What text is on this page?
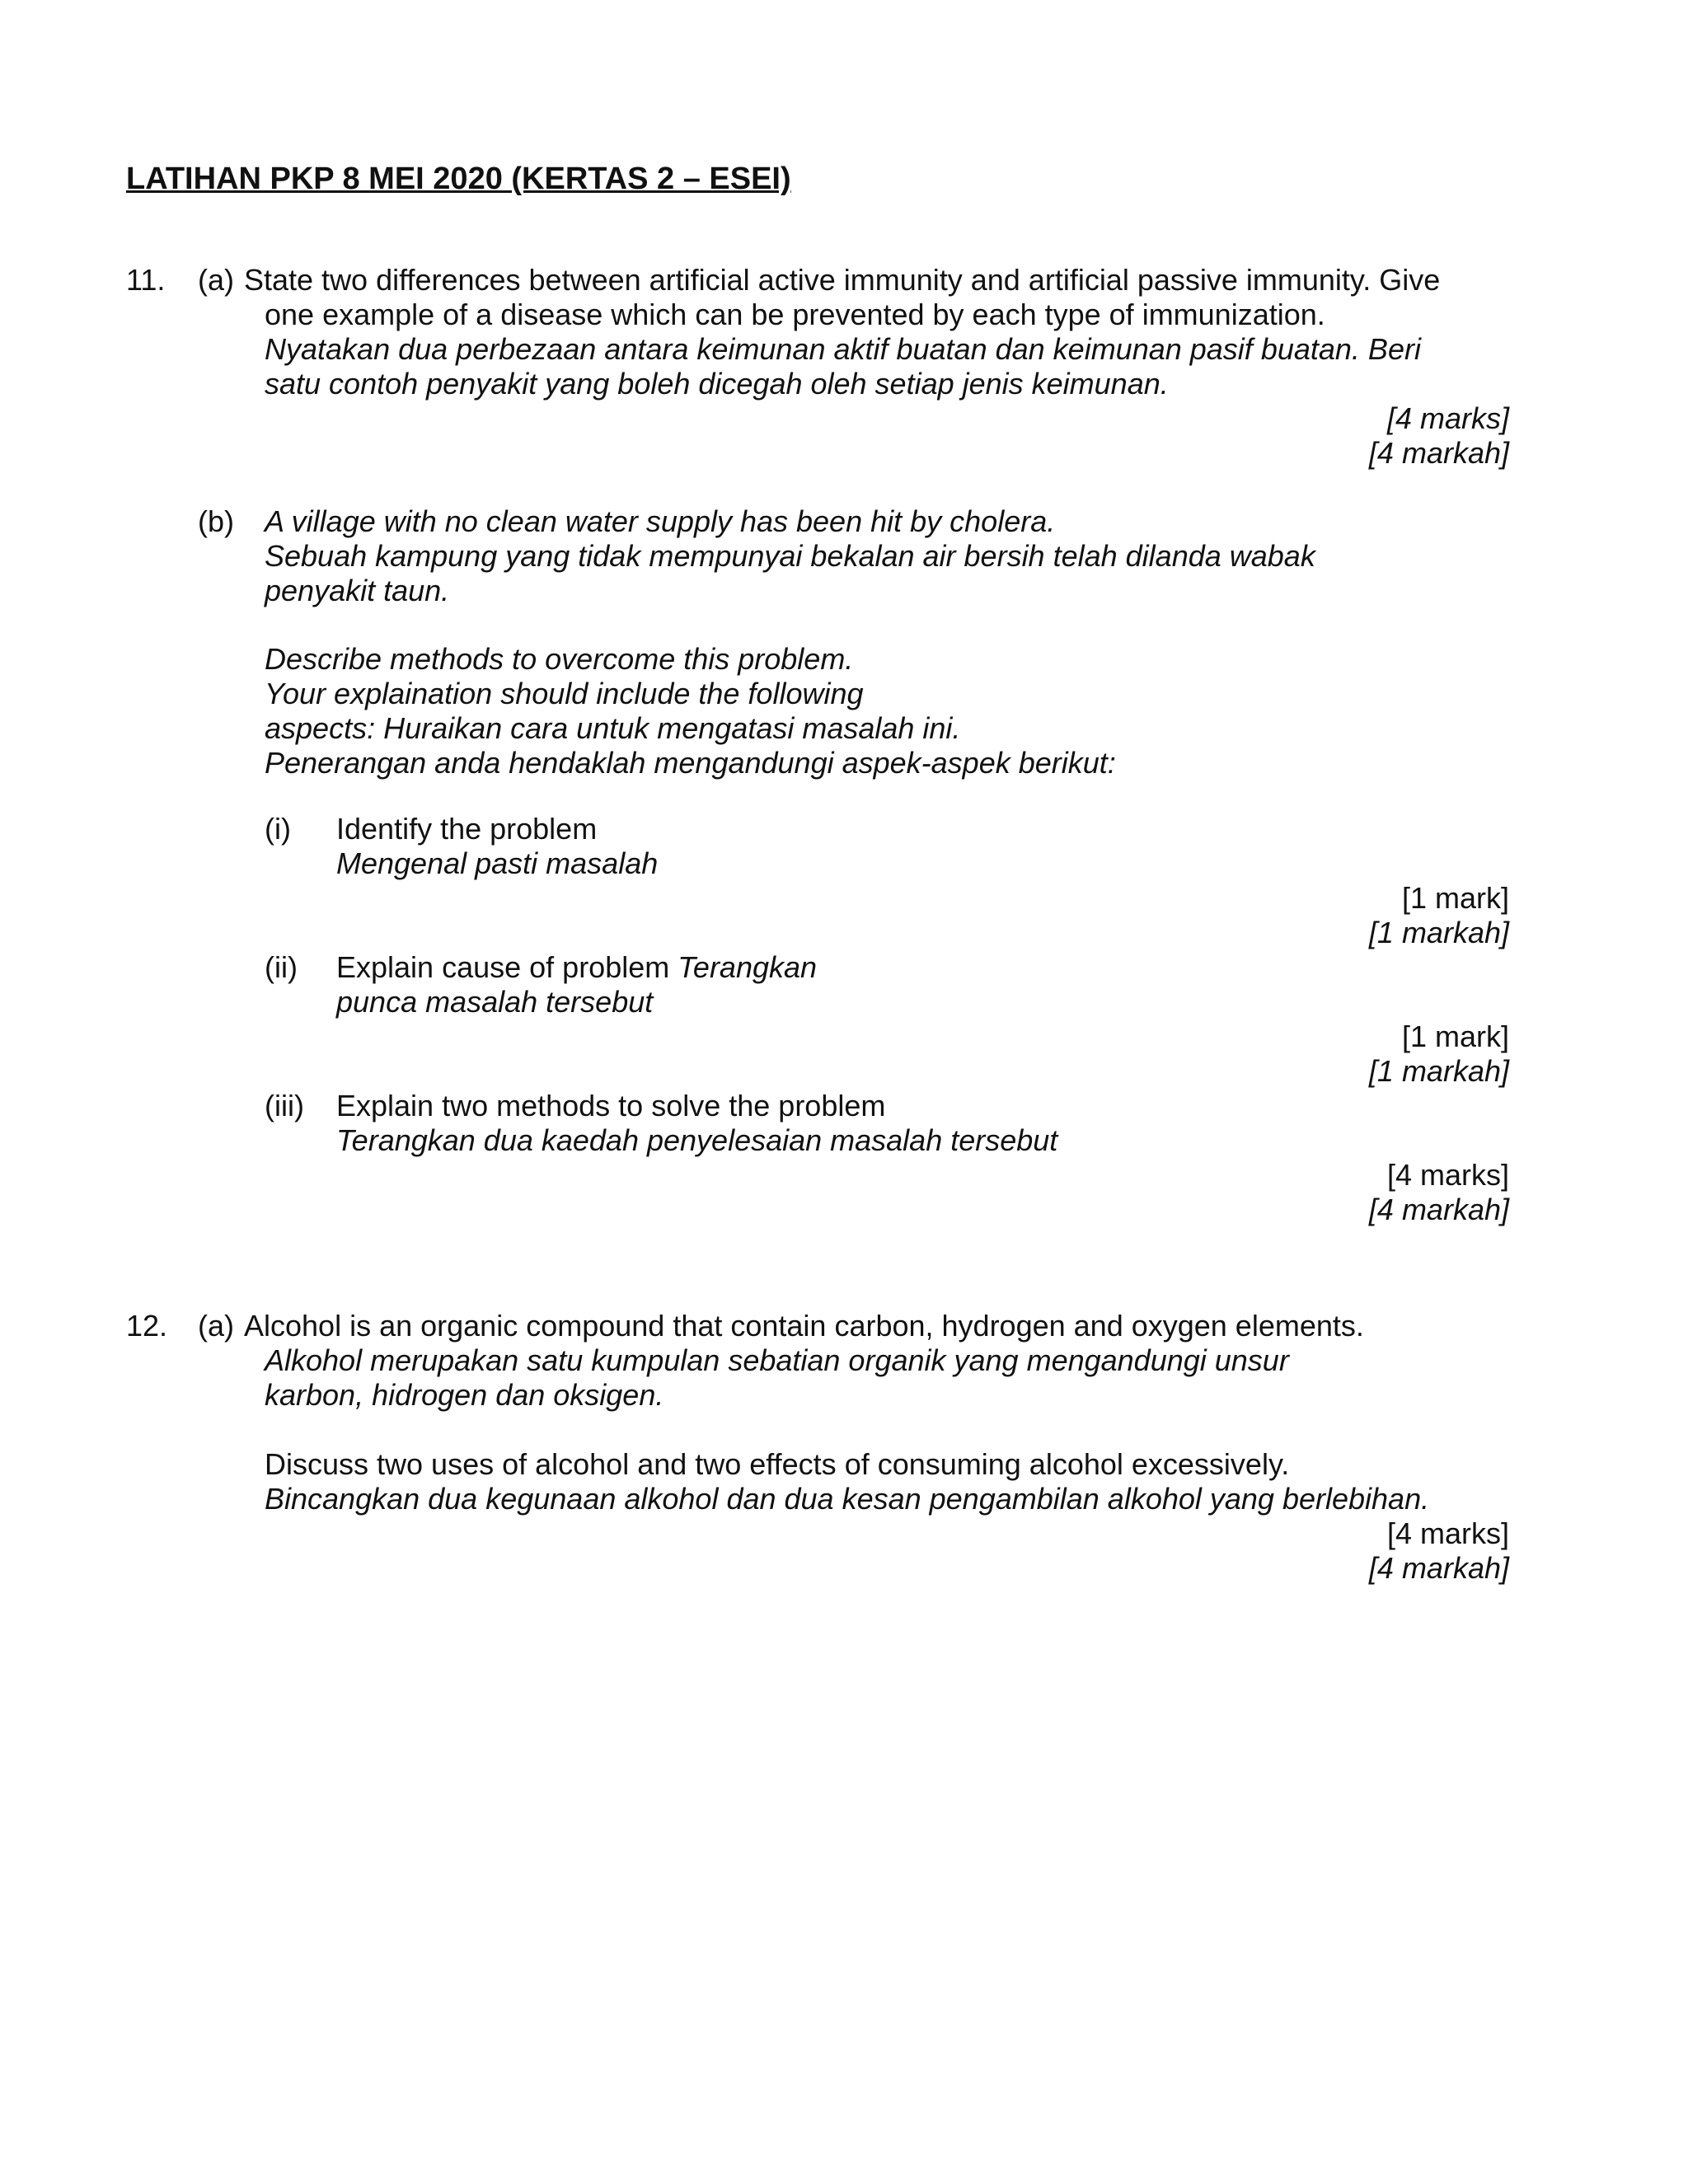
LATIHAN PKP 8 MEI 2020 (KERTAS 2 – ESEI)
11. (a) State two differences between artificial active immunity and artificial passive immunity. Give
one example of a disease which can be prevented by each type of immunization.
Nyatakan dua perbezaan antara keimunan aktif buatan dan keimunan pasif buatan. Beri
satu contoh penyakit yang boleh dicegah oleh setiap jenis keimunan.
[4 marks]
[4 markah]
(b) A village with no clean water supply has been hit by cholera.
Sebuah kampung yang tidak mempunyai bekalan air bersih telah dilanda wabak
penyakit taun.
Describe methods to overcome this problem.
Your explaination should include the following
aspects: Huraikan cara untuk mengatasi masalah ini.
Penerangan anda hendaklah mengandungi aspek-aspek berikut:
(i) Identify the problem
Mengenal pasti masalah
[1 mark]
[1 markah]
(ii) Explain cause of problem Terangkan
punca masalah tersebut
[1 mark]
[1 markah]
(iii) Explain two methods to solve the problem
Terangkan dua kaedah penyelesaian masalah tersebut
[4 marks]
[4 markah]
12. (a) Alcohol is an organic compound that contain carbon, hydrogen and oxygen elements.
Alkohol merupakan satu kumpulan sebatian organik yang mengandungi unsur
karbon, hidrogen dan oksigen.
Discuss two uses of alcohol and two effects of consuming alcohol excessively.
Bincangkan dua kegunaan alkohol dan dua kesan pengambilan alkohol yang berlebihan.
[4 marks]
[4 markah]
